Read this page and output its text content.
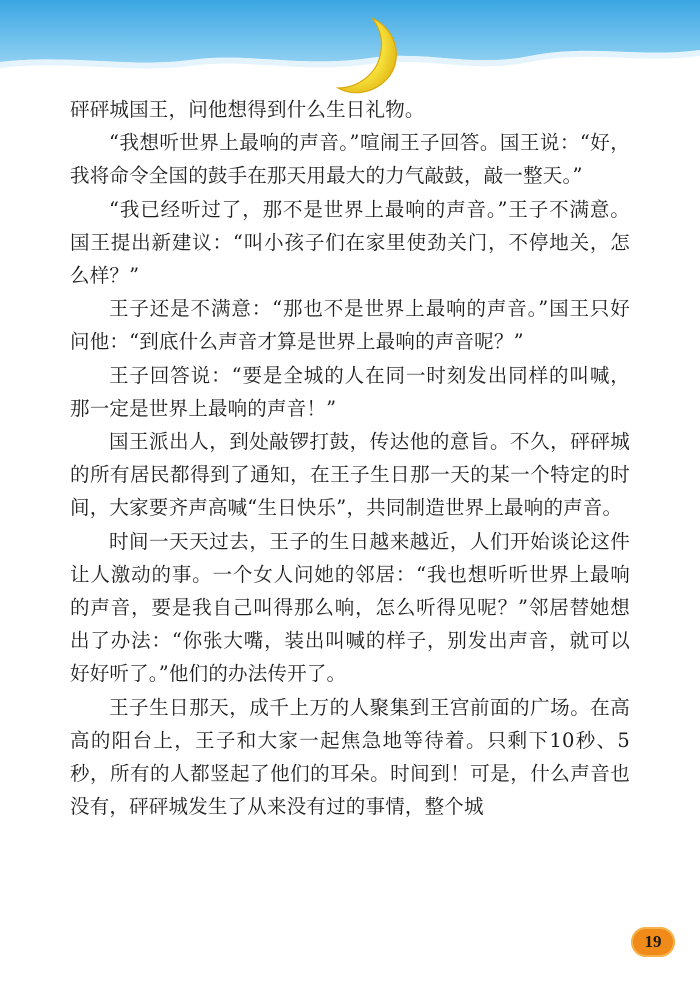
砰砰城国王，问他想得到什么生日礼物。

“我想听世界上最响的声音。”喧闹王子回答。国王说：“好，我将命令全国的鼓手在那天用最大的力气敲鼓，敲一整天。”

“我已经听过了，那不是世界上最响的声音。”王子不满意。国王提出新建议：“叫小孩子们在家里使劲关门，不停地关，怎么样？”

王子还是不满意：“那也不是世界上最响的声音。”国王只好问他：“到底什么声音才算是世界上最响的声音呢？”

王子回答说：“要是全城的人在同一时刻发出同样的叫喊，那一定是世界上最响的声音！”

国王派出人，到处敲锣打鼓，传达他的意旨。不久，砰砰城的所有居民都得到了通知，在王子生日那一天的某一个特定的时间，大家要齐声高喊“生日快乐”，共同制造世界上最响的声音。

时间一天天过去，王子的生日越来越近，人们开始谈论这件让人激动的事。一个女人问她的邻居：“我也想听听世界上最响的声音，要是我自己叫得那么响，怎么听得见呢？”邻居替她想出了办法：“你张大嘴，装出叫喊的样子，别发出声音，就可以好好听了。”他们的办法传开了。

王子生日那天，成千上万的人聚集到王宫前面的广场。在高高的阳台上，王子和大家一起焦急地等待着。只剩下10秒、5秒，所有的人都竖起了他们的耳朵。时间到！可是，什么声音也没有，砰砰城发生了从来没有过的事情，整个城

19
